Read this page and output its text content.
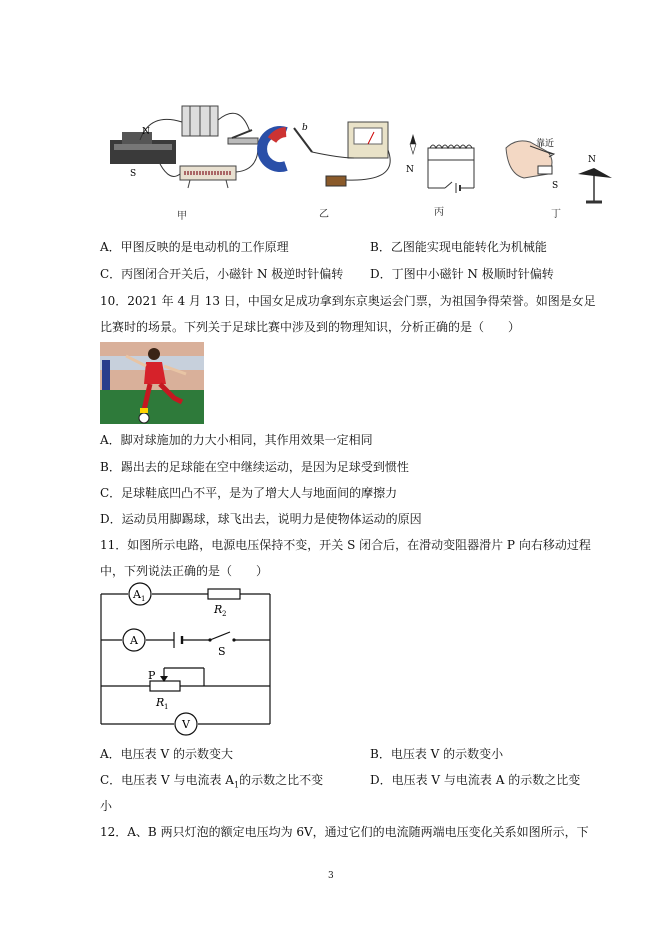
N
S
b
N
靠近
N
S
甲	乙	丙	丁
A．甲图反映的是电动机的工作原理	B．乙图能实现电能转化为机械能
C．丙图闭合开关后，小磁针 N 极逆时针偏转 D．丁图中小磁针 N 极顺时针偏转
10．2021 年 4 月 13 日，中国女足成功拿到东京奥运会门票，为祖国争得荣誉。如图是女足
比赛时的场景。下列关于足球比赛中涉及到的物理知识，分析正确的是（　　）
A．脚对球施加的力大小相同，其作用效果一定相同
B．踢出去的足球能在空中继续运动，是因为足球受到惯性
C．足球鞋底凹凸不平，是为了增大人与地面间的摩擦力
D．运动员用脚踢球，球飞出去，说明力是使物体运动的原因
11．如图所示电路，电源电压保持不变，开关 S 闭合后，在滑动变阻器滑片 P 向右移动过程
中，下列说法正确的是（　　）
A 1
R 2
A
S
P
R 1
V
A．电压表 V 的示数变大	B．电压表 V 的示数变小
C．电压表 V 与电流表 $A_1$的示数之比不变	D．电压表 V 与电流表 A 的示数之比变
小
12．A、B 两只灯泡的额定电压均为 6V，通过它们的电流随两端电压变化关系如图所示，下
3
